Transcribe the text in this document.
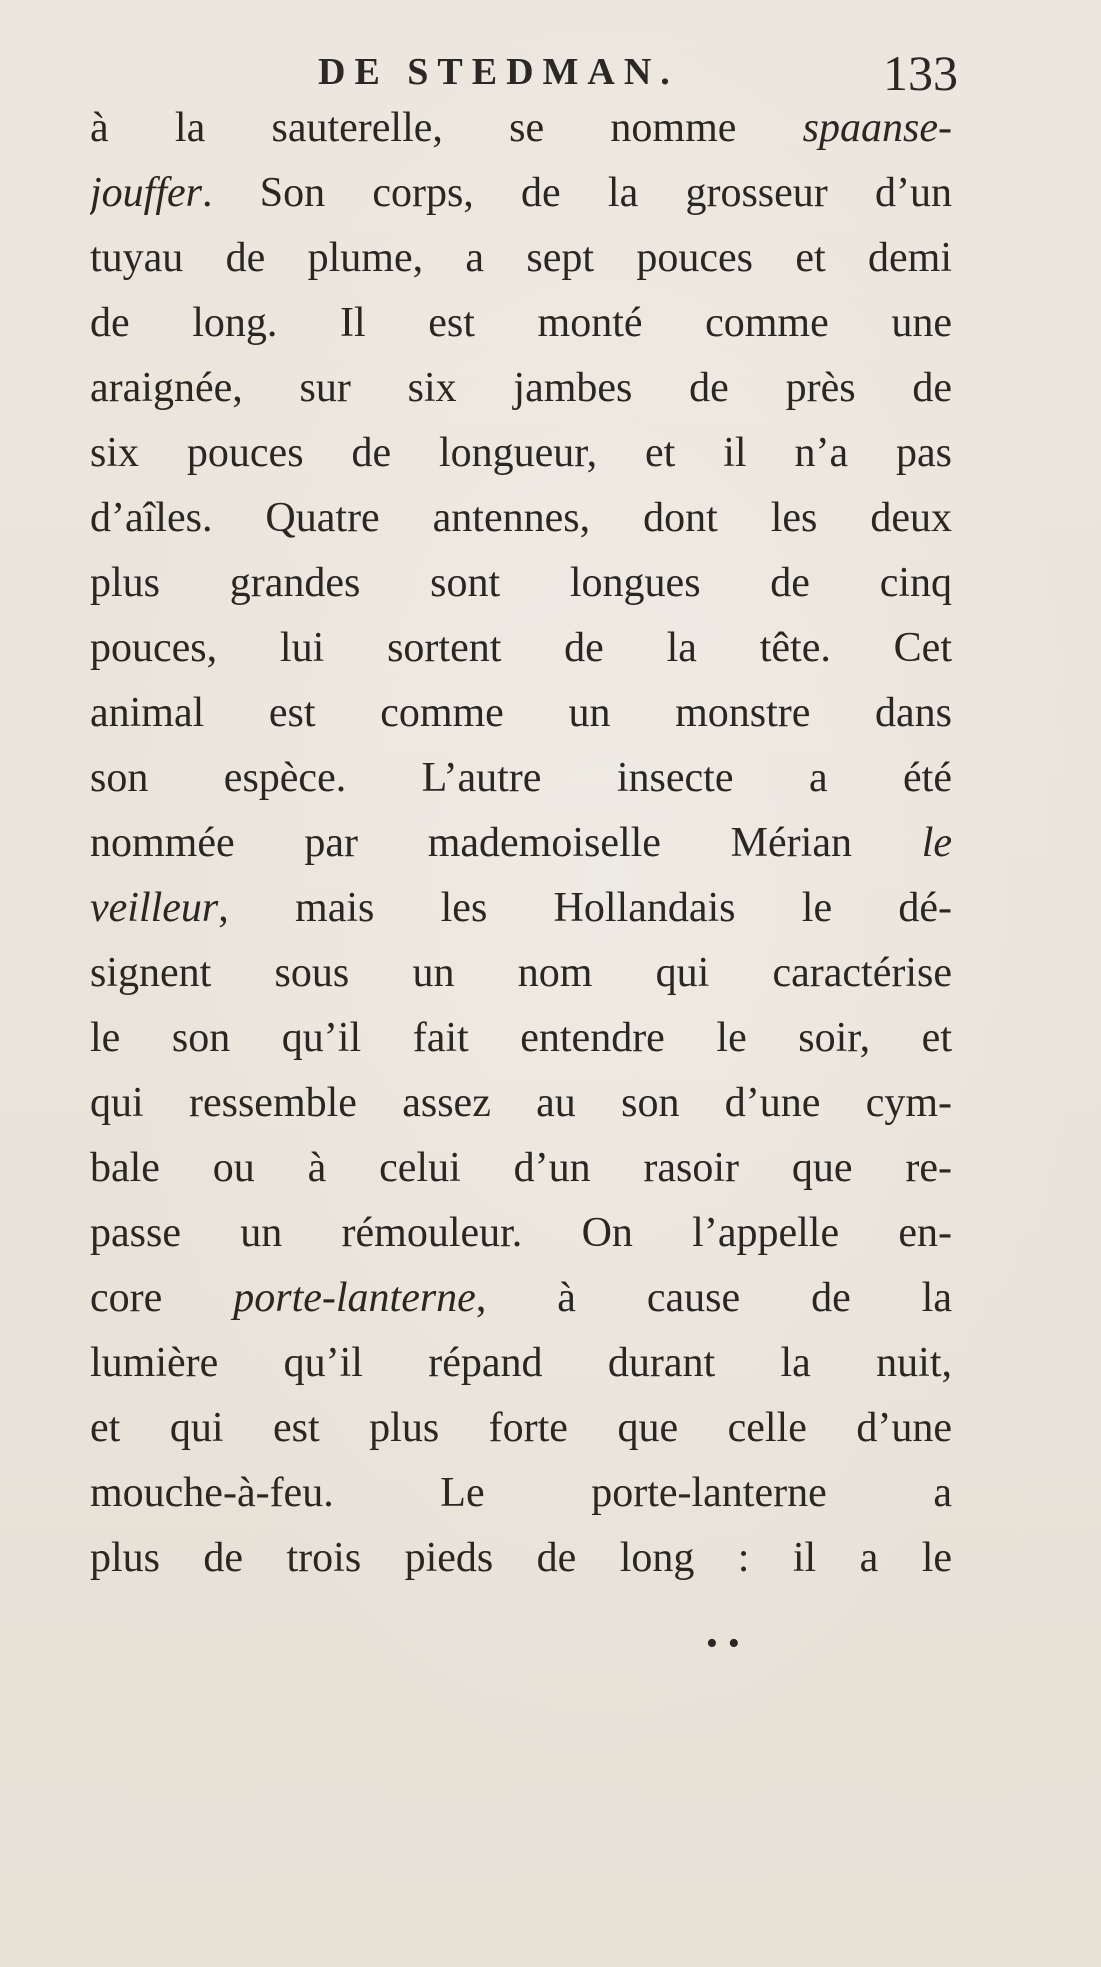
DE STEDMAN.	133
à la sauterelle, se nomme spaanse-
jouffer. Son corps, de la grosseur d’un
tuyau de plume, a sept pouces et demi
de long. Il est monté comme une
araignée, sur six jambes de près de
six pouces de longueur, et il n’a pas
d’aîles. Quatre antennes, dont les deux
plus grandes sont longues de cinq
pouces, lui sortent de la tête. Cet
animal est comme un monstre dans
son espèce. L’autre insecte a été
nommée par mademoiselle Mérian le
veilleur, mais les Hollandais le dé-
signent sous un nom qui caractérise
le son qu’il fait entendre le soir, et
qui ressemble assez au son d’une cym-
bale ou à celui d’un rasoir que re-
passe un rémouleur. On l’appelle en-
core porte-lanterne, à cause de la
lumière qu’il répand durant la nuit,
et qui est plus forte que celle d’une
mouche-à-feu. Le porte-lanterne a
plus de trois pieds de long : il a le
••
